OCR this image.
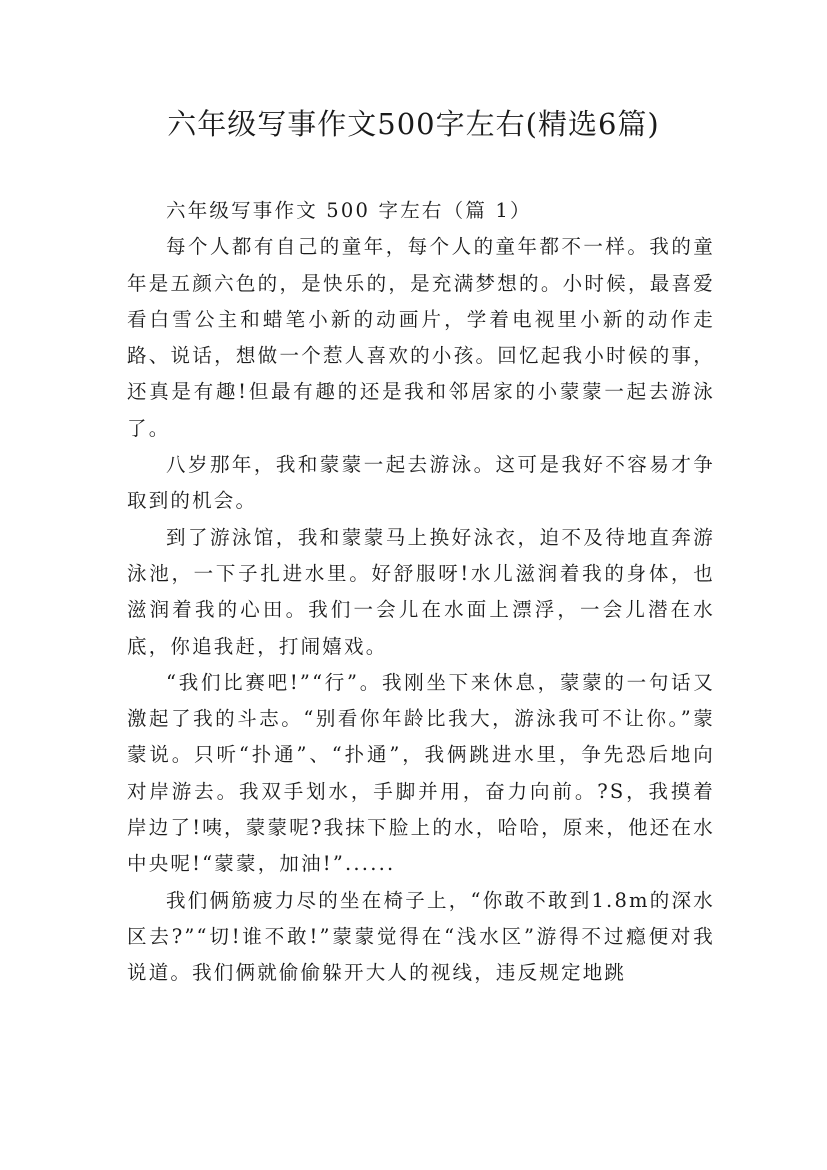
六年级写事作文500字左右(精选6篇)

六年级写事作文 500 字左右（篇 1）

每个人都有自己的童年，每个人的童年都不一样。我的童年是五颜六色的，是快乐的，是充满梦想的。小时候，最喜爱看白雪公主和蜡笔小新的动画片，学着电视里小新的动作走路、说话，想做一个惹人喜欢的小孩。回忆起我小时候的事，还真是有趣!但最有趣的还是我和邻居家的小蒙蒙一起去游泳了。

八岁那年，我和蒙蒙一起去游泳。这可是我好不容易才争取到的机会。

到了游泳馆，我和蒙蒙马上换好泳衣，迫不及待地直奔游泳池，一下子扎进水里。好舒服呀!水儿滋润着我的身体，也滋润着我的心田。我们一会儿在水面上漂浮，一会儿潜在水底，你追我赶，打闹嬉戏。

“我们比赛吧!”“行”。我刚坐下来休息，蒙蒙的一句话又激起了我的斗志。“别看你年龄比我大，游泳我可不让你。”蒙蒙说。只听“扑通”、“扑通”，我俩跳进水里，争先恐后地向对岸游去。我双手划水，手脚并用，奋力向前。?S，我摸着岸边了!咦，蒙蒙呢?我抹下脸上的水，哈哈，原来，他还在水中央呢!“蒙蒙，加油!”......

我们俩筋疲力尽的坐在椅子上，“你敢不敢到1.8m的深水区去?”“切!谁不敢!”蒙蒙觉得在“浅水区”游得不过瘾便对我说道。我们俩就偷偷躲开大人的视线，违反规定地跳
